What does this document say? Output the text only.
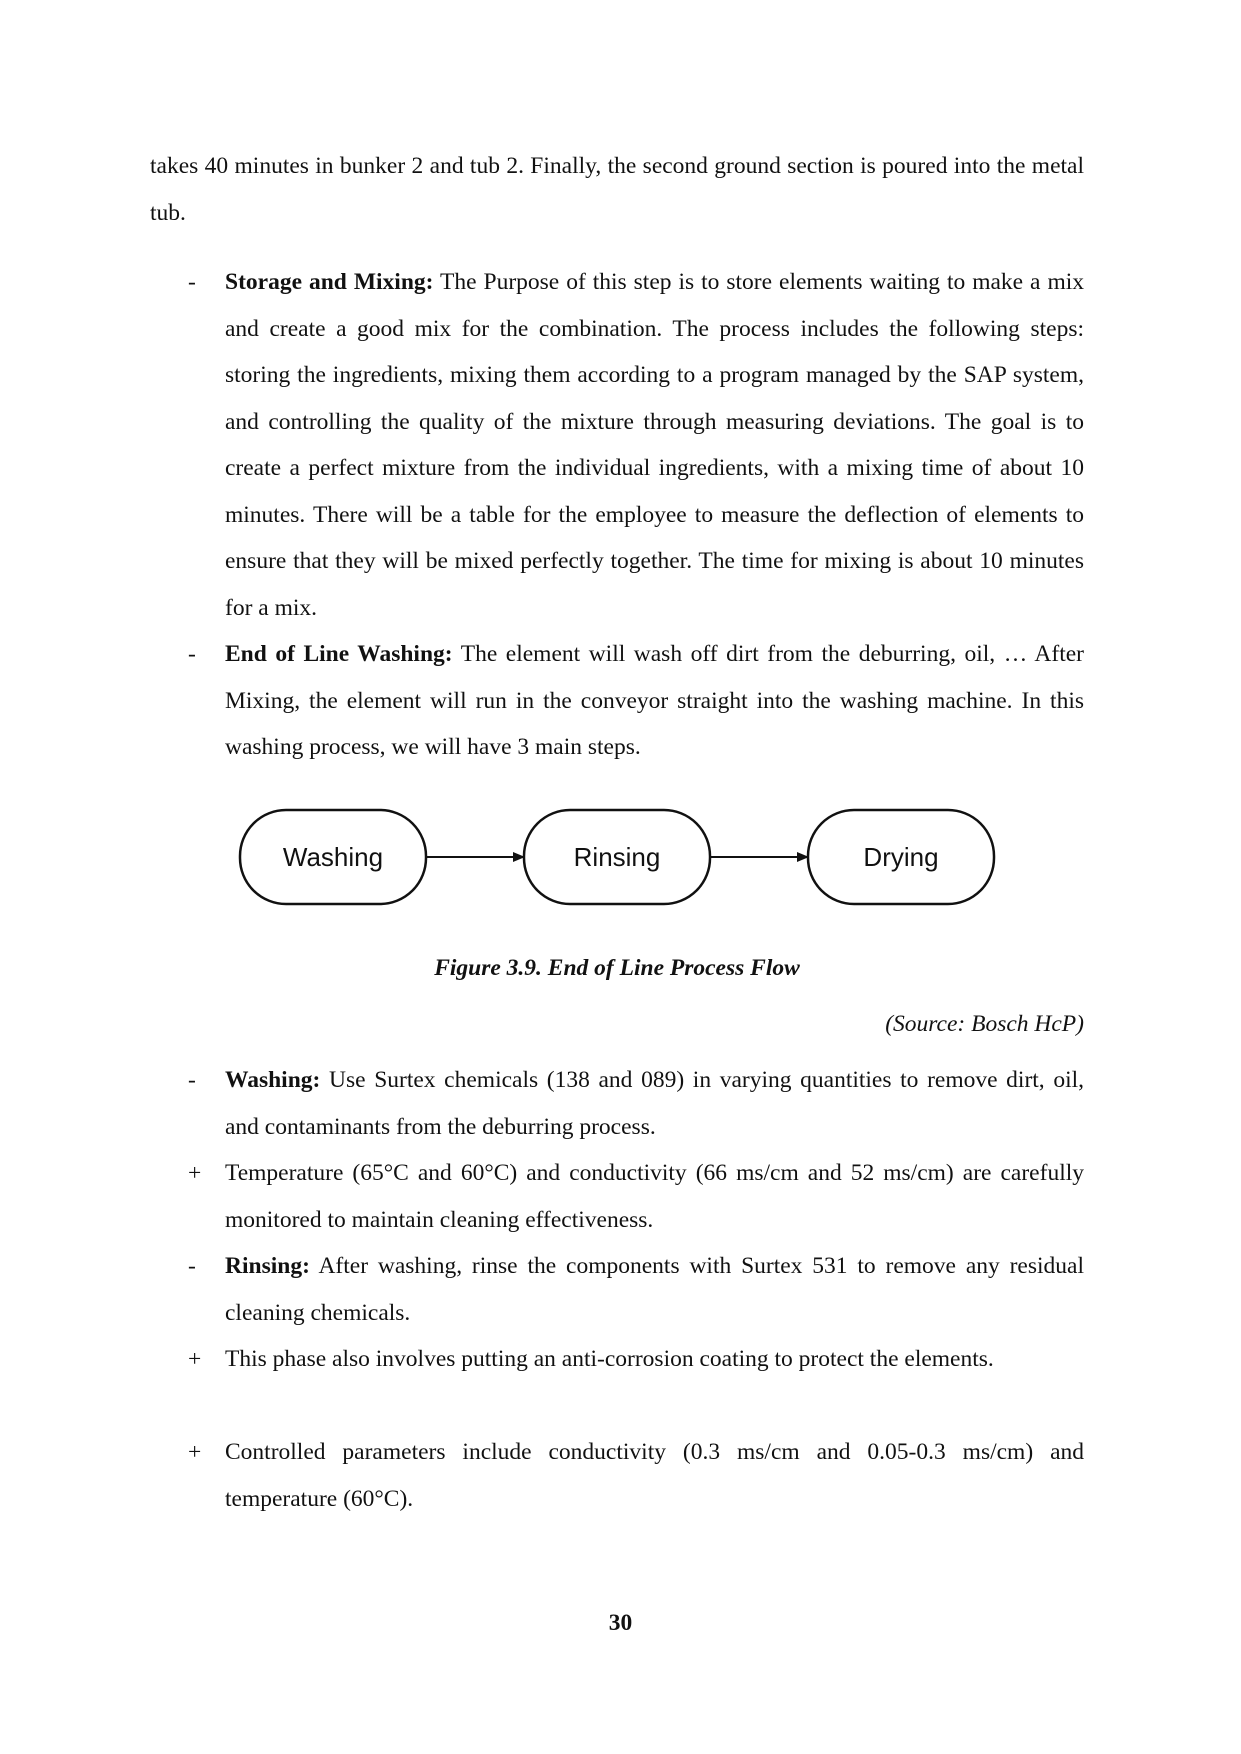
takes 40 minutes in bunker 2 and tub 2. Finally, the second ground section is poured into the metal tub.

-	Storage and Mixing: The Purpose of this step is to store elements waiting to make a mix and create a good mix for the combination. The process includes the following steps: storing the ingredients, mixing them according to a program managed by the SAP system, and controlling the quality of the mixture through measuring deviations. The goal is to create a perfect mixture from the individual ingredients, with a mixing time of about 10 minutes. There will be a table for the employee to measure the deflection of elements to ensure that they will be mixed perfectly together. The time for mixing is about 10 minutes for a mix.
-	End of Line Washing: The element will wash off dirt from the deburring, oil, … After Mixing, the element will run in the conveyor straight into the washing machine. In this washing process, we will have 3 main steps.
Washing	Rinsing	Drying
Figure 3.9. End of Line Process Flow
(Source: Bosch HcP)
-	Washing: Use Surtex chemicals (138 and 089) in varying quantities to remove dirt, oil, and contaminants from the deburring process.
+ Temperature (65°C and 60°C) and conductivity (66 ms/cm and 52 ms/cm) are carefully monitored to maintain cleaning effectiveness.
-	Rinsing: After washing, rinse the components with Surtex 531 to remove any residual cleaning chemicals.
+ This phase also involves putting an anti-corrosion coating to protect the elements.
+ Controlled parameters include conductivity (0.3 ms/cm and 0.05-0.3 ms/cm) and temperature (60°C).
30
